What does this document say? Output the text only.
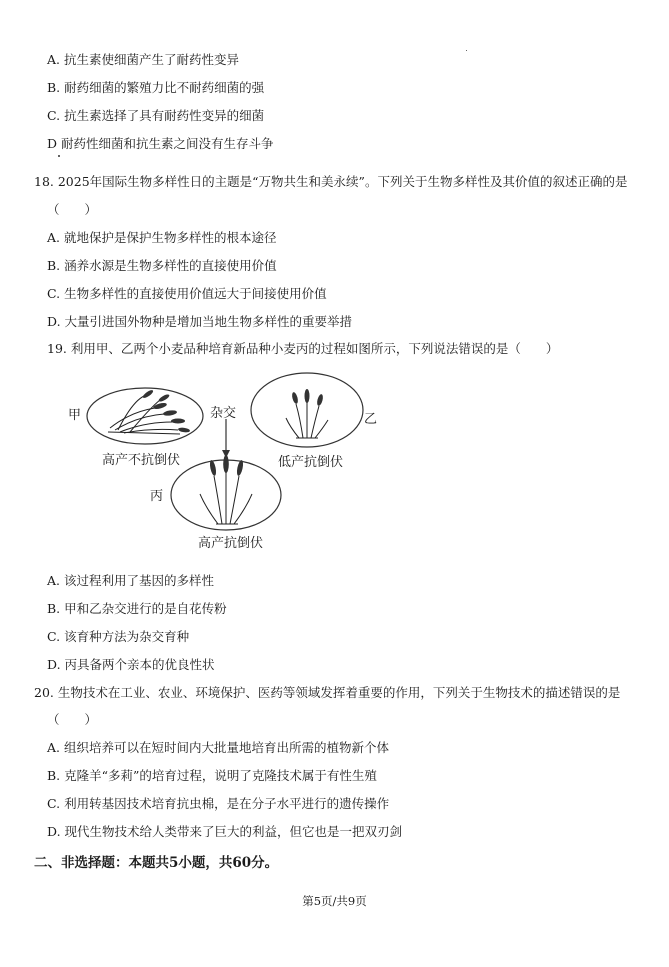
A. 抗生素使细菌产生了耐药性变异
B. 耐药细菌的繁殖力比不耐药细菌的强
C. 抗生素选择了具有耐药性变异的细菌
D 耐药性细菌和抗生素之间没有生存斗争
18. 2025年国际生物多样性日的主题是“万物共生和美永续”。下列关于生物多样性及其价值的叙述正确的是
（　　）
A. 就地保护是保护生物多样性的根本途径
B. 涵养水源是生物多样性的直接使用价值
C. 生物多样性的直接使用价值远大于间接使用价值
D. 大量引进国外物种是增加当地生物多样性的重要举措
19. 利用甲、乙两个小麦品种培育新品种小麦丙的过程如图所示，下列说法错误的是（　　）
甲	乙
丙
杂交
高产不抗倒伏	低产抗倒伏
高产抗倒伏
A. 该过程利用了基因的多样性
B. 甲和乙杂交进行的是自花传粉
C. 该育种方法为杂交育种
D. 丙具备两个亲本的优良性状
20. 生物技术在工业、农业、环境保护、医药等领域发挥着重要的作用，下列关于生物技术的描述错误的是
（　　）
A. 组织培养可以在短时间内大批量地培育出所需的植物新个体
B. 克隆羊“多莉”的培育过程，说明了克隆技术属于有性生殖
C. 利用转基因技术培育抗虫棉，是在分子水平进行的遗传操作
D. 现代生物技术给人类带来了巨大的利益，但它也是一把双刃剑
二、非选择题：本题共5小题，共60分。
第5页/共9页
